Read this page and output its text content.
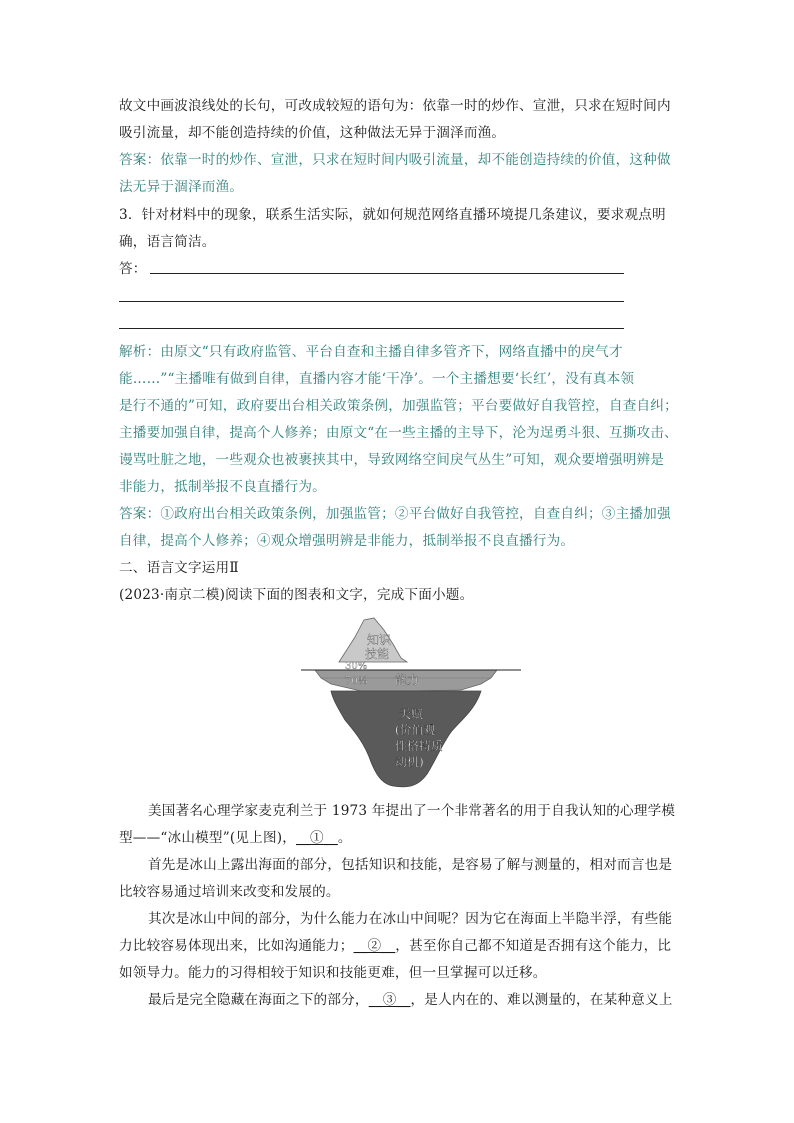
故文中画波浪线处的长句，可改成较短的语句为：依靠一时的炒作、宣泄，只求在短时间内
吸引流量，却不能创造持续的价值，这种做法无异于涸泽而渔。
答案：依靠一时的炒作、宣泄，只求在短时间内吸引流量，却不能创造持续的价值，这种做
法无异于涸泽而渔。
3．针对材料中的现象，联系生活实际，就如何规范网络直播环境提几条建议，要求观点明
确，语言简洁。
答：
解析：由原文“只有政府监管、平台自查和主播自律多管齐下，网络直播中的戾气才
能……”“主播唯有做到自律，直播内容才能‘干净’。一个主播想要‘长红’，没有真本领
是行不通的”可知，政府要出台相关政策条例，加强监管；平台要做好自我管控，自查自纠；
主播要加强自律，提高个人修养；由原文“在一些主播的主导下，沦为逞勇斗狠、互撕攻击、
谩骂吐脏之地，一些观众也被裹挟其中，导致网络空间戾气丛生”可知，观众要增强明辨是
非能力，抵制举报不良直播行为。
答案：①政府出台相关政策条例，加强监管；②平台做好自我管控，自查自纠；③主播加强
自律，提高个人修养；④观众增强明辨是非能力，抵制举报不良直播行为。
二、语言文字运用Ⅱ
(2023·南京二模)阅读下面的图表和文字，完成下面小题。
知识
技能
30%
70% 能力
天赋
(价值观
性格特质
动机)
美国著名心理学家麦克利兰于 1973 年提出了一个非常著名的用于自我认知的心理学模
型——“冰山模型”(见上图)，__①__。
首先是冰山上露出海面的部分，包括知识和技能，是容易了解与测量的，相对而言也是
比较容易通过培训来改变和发展的。
其次是冰山中间的部分，为什么能力在冰山中间呢？因为它在海面上半隐半浮，有些能
力比较容易体现出来，比如沟通能力；__②__，甚至你自己都不知道是否拥有这个能力，比
如领导力。能力的习得相较于知识和技能更难，但一旦掌握可以迁移。
最后是完全隐藏在海面之下的部分，__③__，是人内在的、难以测量的，在某种意义上
